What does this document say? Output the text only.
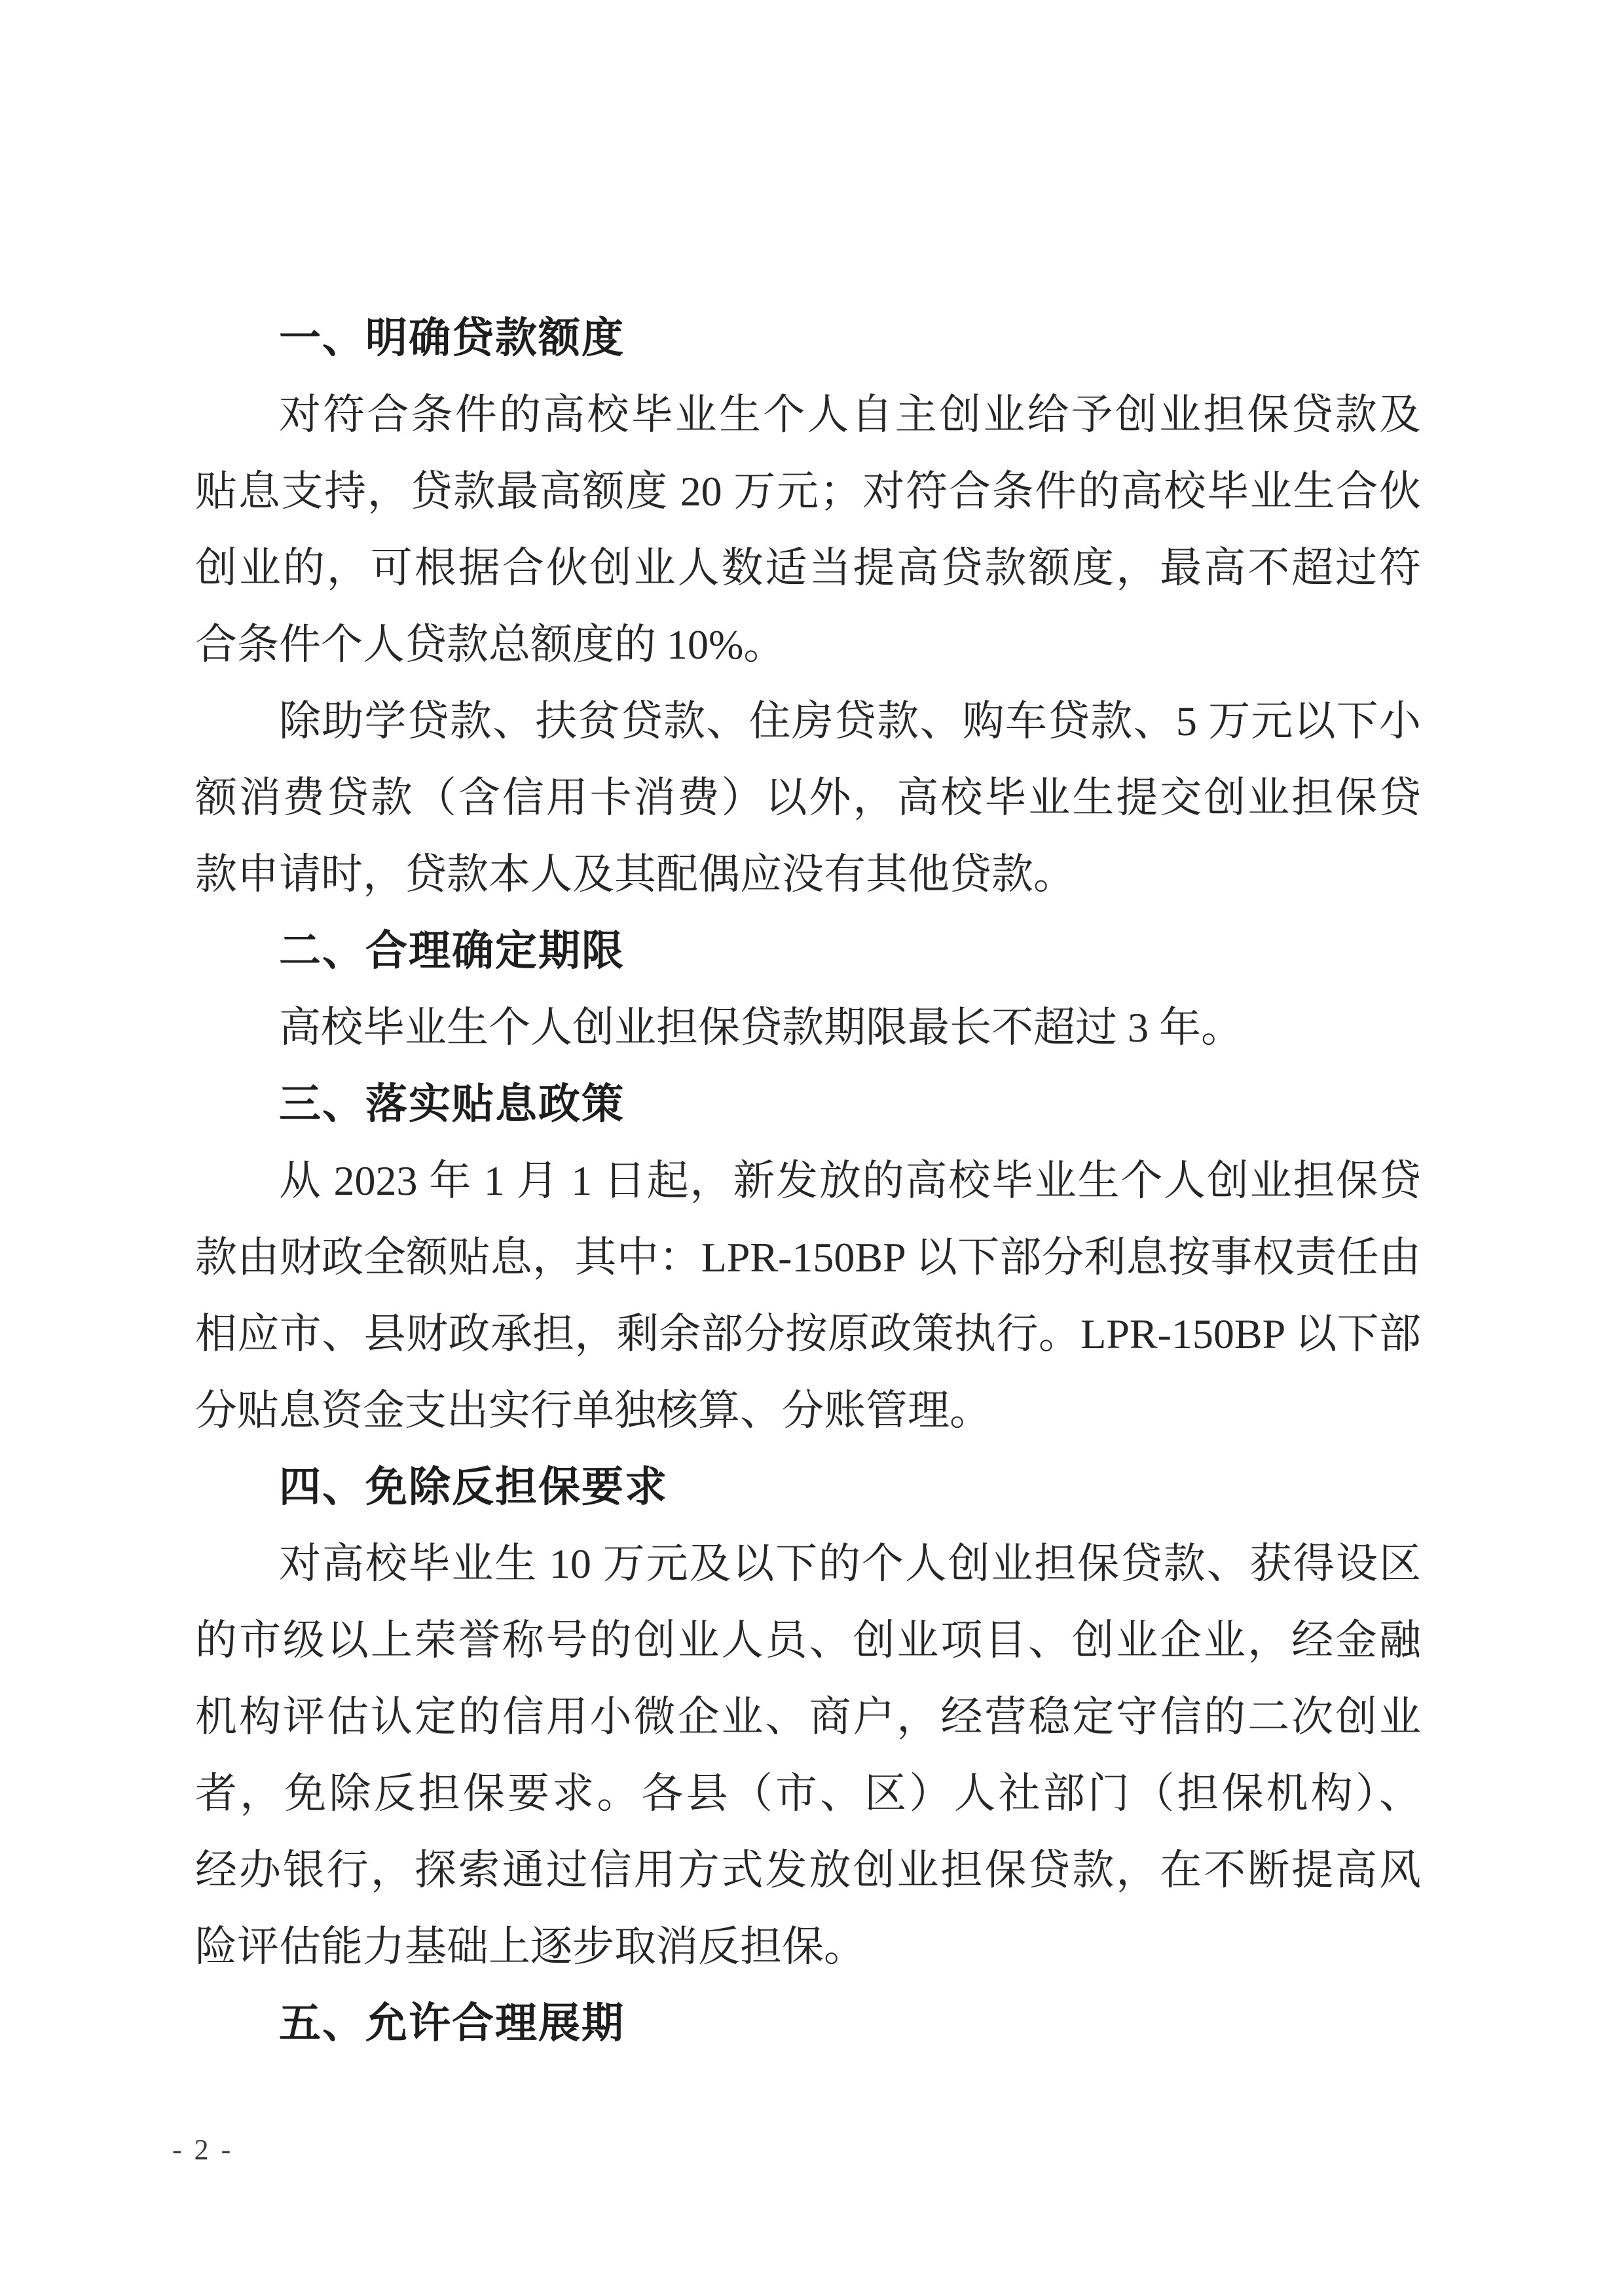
一、明确贷款额度
对符合条件的高校毕业生个人自主创业给予创业担保贷款及
贴息支持，贷款最高额度 20 万元；对符合条件的高校毕业生合伙
创业的，可根据合伙创业人数适当提高贷款额度，最高不超过符
合条件个人贷款总额度的 10%。
除助学贷款、扶贫贷款、住房贷款、购车贷款、5 万元以下小
额消费贷款（含信用卡消费）以外，高校毕业生提交创业担保贷
款申请时，贷款本人及其配偶应没有其他贷款。
二、合理确定期限
高校毕业生个人创业担保贷款期限最长不超过 3 年。
三、落实贴息政策
从 2023 年 1 月 1 日起，新发放的高校毕业生个人创业担保贷
款由财政全额贴息，其中：LPR-150BP 以下部分利息按事权责任由
相应市、县财政承担，剩余部分按原政策执行。LPR-150BP 以下部
分贴息资金支出实行单独核算、分账管理。
四、免除反担保要求
对高校毕业生 10 万元及以下的个人创业担保贷款、获得设区
的市级以上荣誉称号的创业人员、创业项目、创业企业，经金融
机构评估认定的信用小微企业、商户，经营稳定守信的二次创业
者，免除反担保要求。各县（市、区）人社部门（担保机构）、
经办银行，探索通过信用方式发放创业担保贷款，在不断提高风
险评估能力基础上逐步取消反担保。
五、允许合理展期
- 2 -
